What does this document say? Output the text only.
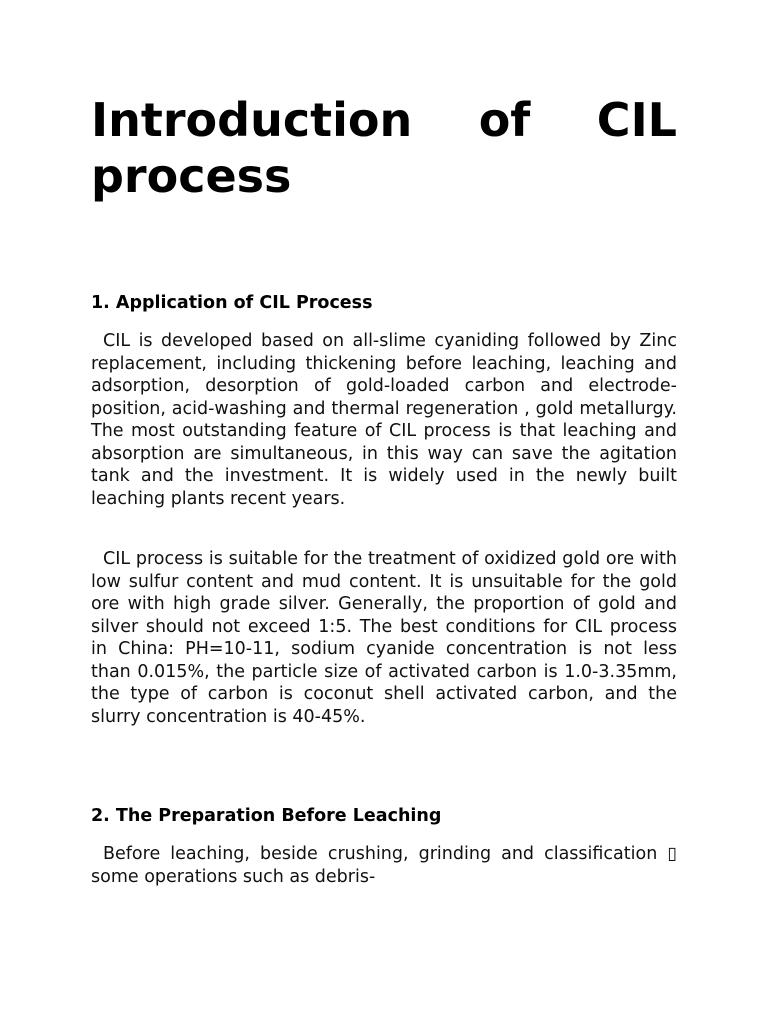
Introduction of CIL
process
1. Application of CIL Process

CIL is developed based on all-slime cyaniding followed by Zinc replacement, including thickening before leaching, leaching and adsorption, desorption of gold-loaded carbon and electrode-position, acid-washing and thermal regeneration , gold metallurgy. The most outstanding feature of CIL process is that leaching and absorption are simultaneous, in this way can save the agitation tank and the investment. It is widely used in the newly built leaching plants recent years.

CIL process is suitable for the treatment of oxidized gold ore with low sulfur content and mud content. It is unsuitable for the gold ore with high grade silver. Generally, the proportion of gold and silver should not exceed 1:5. The best conditions for CIL process in China: PH=10-11, sodium cyanide concentration is not less than 0.015%, the particle size of activated carbon is 1.0-3.35mm, the type of carbon is coconut shell activated carbon, and the slurry concentration is 40-45%.

2. The Preparation Before Leaching

Before leaching, beside crushing, grinding and classification ▯ some operations such as debris-
